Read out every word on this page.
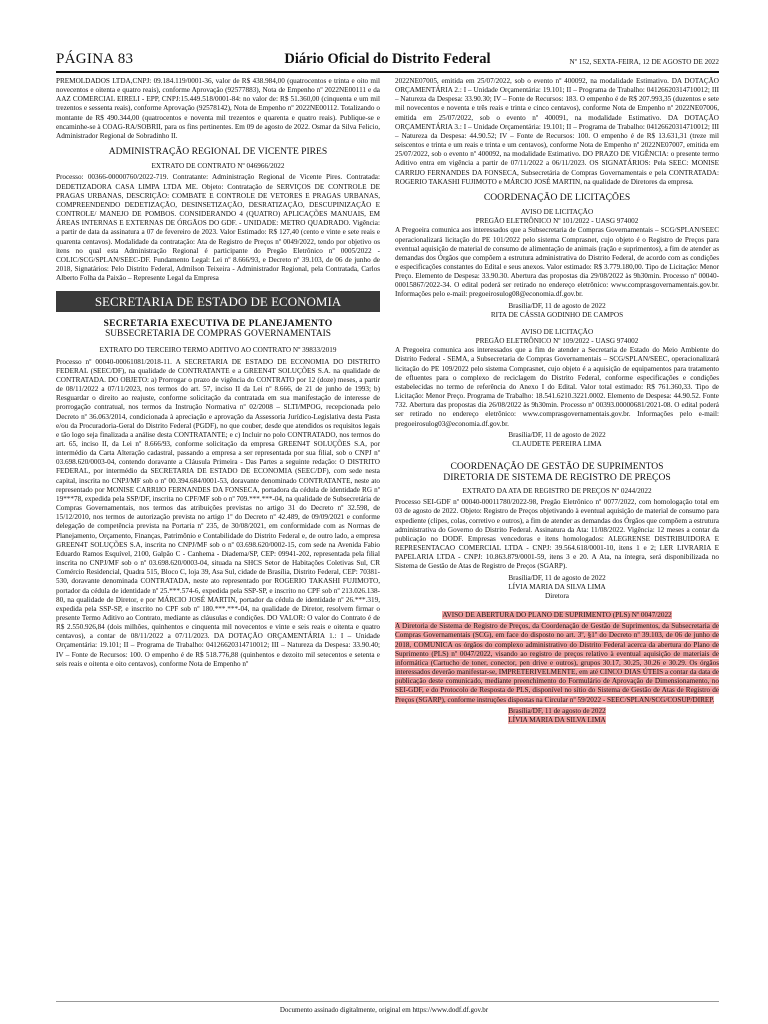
PÁGINA 83	Diário Oficial do Distrito Federal	Nº 152, SEXTA-FEIRA, 12 DE AGOSTO DE 2022

PREMOLDADOS LTDA,CNPJ: 09.184.119/0001-36, valor de R$ 438.984,00 (quatrocentos e trinta e oito mil novecentos e oitenta e quatro reais), conforme Aprovação (92577883), Nota de Empenho nº 2022NE00111 e da AAZ COMERCIAL EIRELI - EPP, CNPJ:15.449.518/0001-84: no valor de: R$ 51.360,00 (cinquenta e um mil trezentos e sessenta reais), conforme Aprovação (92578142), Nota de Empenho nº 2022NE00112. Totalizando o montante de R$ 490.344,00 (quatrocentos e noventa mil trezentos e quarenta e quatro reais). Publique-se e encaminhe-se à COAG-RA/SOBRII, para os fins pertinentes. Em 09 de agosto de 2022. Osmar da Silva Felicio, Administrador Regional de Sobradinho II.

ADMINISTRAÇÃO REGIONAL DE VICENTE PIRES
EXTRATO DE CONTRATO Nº 046966/2022

Processo: 00366-00000760/2022-719. Contratante: Administração Regional de Vicente Pires. Contratada: DEDETIZADORA CASA LIMPA LTDA ME. Objeto: Contratação de SERVIÇOS DE CONTROLE DE PRAGAS URBANAS, DESCRIÇÃO: COMBATE E CONTROLE DE VETORES E PRAGAS URBANAS, COMPREENDENDO DEDETIZAÇÃO, DESINSETIZAÇÃO, DESRATIZAÇÃO, DESCUPINIZAÇÃO E CONTROLE/ MANEJO DE POMBOS. CONSIDERANDO 4 (QUATRO) APLICAÇÕES MANUAIS, EM ÁREAS INTERNAS E EXTERNAS DE ÓRGÃOS DO GDF. - UNIDADE: METRO QUADRADO. Vigência: a partir de data da assinatura a 07 de fevereiro de 2023. Valor Estimado: R$ 127,40 (cento e vinte e sete reais e quarenta centavos). Modalidade da contratação: Ata de Registro de Preços nº 0049/2022, tendo por objetivo os itens no qual esta Administração Regional é participante do Pregão Eletrônico nº 0005/2022 - COLIC/SCG/SPLAN/SEEC-DF. Fundamento Legal: Lei nº 8.666/93, e Decreto nº 39.103, de 06 de junho de 2018, Signatários: Pelo Distrito Federal, Admilson Teixeira - Administrador Regional, pela Contratada, Carlos Alberto Folha da Paixão – Represente Legal da Empresa

SECRETARIA DE ESTADO DE ECONOMIA
SECRETARIA EXECUTIVA DE PLANEJAMENTO
SUBSECRETARIA DE COMPRAS GOVERNAMENTAIS
EXTRATO DO TERCEIRO TERMO ADITIVO AO CONTRATO Nº 39833/2019

Processo nº 00040-00061081/2018-11. A SECRETARIA DE ESTADO DE ECONOMIA DO DISTRITO FEDERAL (SEEC/DF), na qualidade de CONTRATANTE e a GREEN4T SOLUÇÕES S.A. na qualidade de CONTRATADA. DO OBJETO: a) Prorrogar o prazo de vigência do CONTRATO por 12 (doze) meses, a partir de 08/11/2022 a 07/11/2023, nos termos do art. 57, inciso II da Lei nº 8.666, de 21 de junho de 1993; b) Resguardar o direito ao reajuste, conforme solicitação da contratada em sua manifestação de interesse de prorrogação contratual, nos termos da Instrução Normativa nº 02/2008 – SLTI/MPOG, recepcionada pelo Decreto nº 36.063/2014, condicionada à apreciação e aprovação da Assessoria Jurídico-Legislativa desta Pasta e/ou da Procuradoria-Geral do Distrito Federal (PGDF), no que couber, desde que atendidos os requisitos legais e tão logo seja finalizada a análise desta CONTRATANTE; e c) Incluir no polo CONTRATADO, nos termos do art. 65, inciso II, da Lei nº 8.666/93, conforme solicitação da empresa GREEN4T SOLUÇÕES S.A, por intermédio da Carta Alteração cadastral, passando a empresa a ser representada por sua filial, sob o CNPJ nº 03.698.620/0003-04, contendo doravante a Cláusula Primeira - Das Partes a seguinte redação: O DISTRITO FEDERAL, por intermédio da SECRETARIA DE ESTADO DE ECONOMIA (SEEC/DF), com sede nesta capital, inscrita no CNPJ/MF sob o nº 00.394.684/0001-53, doravante denominado CONTRATANTE, neste ato representado por MONISE CARRIJO FERNANDES DA FONSECA, portadora da cédula de identidade RG nº 19***78, expedida pela SSP/DF, inscrita no CPF/MF sob o nº 709.***.***-04, na qualidade de Subsecretária de Compras Governamentais, nos termos das atribuições previstas no artigo 31 do Decreto nº 32.598, de 15/12/2010, nos termos de autorização prevista no artigo 1º do Decreto nº 42.489, de 09/09/2021 e conforme delegação de competência prevista na Portaria nº 235, de 30/08/2021, em conformidade com as Normas de Planejamento, Orçamento, Finanças, Patrimônio e Contabilidade do Distrito Federal e, de outro lado, a empresa GREEN4T SOLUÇÕES S.A, inscrita no CNPJ/MF sob o nº 03.698.620/0002-15, com sede na Avenida Fabio Eduardo Ramos Esquível, 2100, Galpão C - Canhema - Diadema/SP, CEP: 09941-202, representada pela filial inscrita no CNPJ/MF sob o nº 03.698.620/0003-04, situada na SHCS Setor de Habitações Coletivas Sul, CR Comércio Residencial, Quadra 515, Bloco C, loja 39, Asa Sul, cidade de Brasília, Distrito Federal, CEP: 70381-530, doravante denominada CONTRATADA, neste ato representado por ROGERIO TAKASHI FUJIMOTO, portador da cédula de identidade nº 25.***.574-6, expedida pela SSP-SP, e inscrito no CPF sob nº 213.026.138-80, na qualidade de Diretor, e por MÁRCIO JOSÉ MARTIN, portador da cédula de identidade nº 26.***.319, expedida pela SSP-SP, e inscrito no CPF sob nº 180.***.***-04, na qualidade de Diretor, resolvem firmar o presente Termo Aditivo ao Contrato, mediante as cláusulas e condições. DO VALOR: O valor do Contrato é de R$ 2.550.926,84 (dois milhões, quinhentos e cinquenta mil novecentos e vinte e seis reais e oitenta e quatro centavos), a contar de 08/11/2022 a 07/11/2023. DA DOTAÇÃO ORÇAMENTÁRIA 1.: I – Unidade Orçamentária: 19.101; II – Programa de Trabalho: 04126620314710012; III – Natureza da Despesa: 33.90.40; IV – Fonte de Recursos: 100. O empenho é de R$ 518.776,88 (quinhentos e dezoito mil setecentos e setenta e seis reais e oitenta e oito centavos), conforme Nota de Empenho nº

2022NE07005, emitida em 25/07/2022, sob o evento nº 400092, na modalidade Estimativo. DA DOTAÇÃO ORÇAMENTÁRIA 2.: I – Unidade Orçamentária: 19.101; II – Programa de Trabalho: 04126620314710012; III – Natureza da Despesa: 33.90.30; IV – Fonte de Recursos: 183. O empenho é de R$ 207.993,35 (duzentos e sete mil novecentos e noventa e três reais e trinta e cinco centavos), conforme Nota de Empenho nº 2022NE07006, emitida em 25/07/2022, sob o evento nº 400091, na modalidade Estimativo. DA DOTAÇÃO ORÇAMENTÁRIA 3.: I – Unidade Orçamentária: 19.101; II – Programa de Trabalho: 04126620314710012; III – Natureza da Despesa: 44.90.52; IV – Fonte de Recursos: 100. O empenho é de R$ 13.631,31 (treze mil seiscentos e trinta e um reais e trinta e um centavos), conforme Nota de Empenho nº 2022NE07007, emitida em 25/07/2022, sob o evento nº 400092, na modalidade Estimativo. DO PRAZO DE VIGÊNCIA: o presente termo Aditivo entra em vigência a partir de 07/11/2022 a 06/11/2023. OS SIGNATÁRIOS: Pela SEEC: MONISE CARRIJO FERNANDES DA FONSECA, Subsecretária de Compras Governamentais e pela CONTRATADA: ROGERIO TAKASHI FUJIMOTO e MÁRCIO JOSÉ MARTIN, na qualidade de Diretores da empresa.

COORDENAÇÃO DE LICITAÇÕES
AVISO DE LICITAÇÃO
PREGÃO ELETRÔNICO Nº 101/2022 - UASG 974002

A Pregoeira comunica aos interessados que a Subsecretaria de Compras Governamentais – SCG/SPLAN/SEEC operacionalizará licitação do PE 101/2022 pelo sistema Comprasnet, cujo objeto é o Registro de Preços para eventual aquisição de material de consumo de alimentação de animais (ração e suprimentos), a fim de atender as demandas dos Órgãos que compõem a estrutura administrativa do Distrito Federal, de acordo com as condições e especificações constantes do Edital e seus anexos. Valor estimado: R$ 3.779.180,00. Tipo de Licitação: Menor Preço. Elemento de Despesa: 33.90.30. Abertura das propostas dia 29/08/2022 às 9h30min. Processo nº 00040-00015867/2022-34. O edital poderá ser retirado no endereço eletrônico: www.comprasgovernamentais.gov.br. Informações pelo e-mail: pregoeirosulog08@economia.df.gov.br.

Brasília/DF, 11 de agosto de 2022
RITA DE CÁSSIA GODINHO DE CAMPOS
AVISO DE LICITAÇÃO
PREGÃO ELETRÔNICO Nº 109/2022 - UASG 974002

A Pregoeira comunica aos interessados que a fim de atender a Secretaria de Estado do Meio Ambiente do Distrito Federal - SEMA, a Subsecretaria de Compras Governamentais – SCG/SPLAN/SEEC, operacionalizará licitação do PE 109/2022 pelo sistema Comprasnet, cujo objeto é a aquisição de equipamentos para tratamento de efluentes para o complexo de reciclagem do Distrito Federal, conforme especificações e condições estabelecidas no termo de referência do Anexo I do Edital. Valor total estimado: R$ 761.360,33. Tipo de Licitação: Menor Preço. Programa de Trabalho: 18.541.6210.3221.0002. Elemento de Despesa: 44.90.52. Fonte 732. Abertura das propostas dia 26/08/2022 às 9h30min. Processo nº 00393.00000681/2021-08. O edital poderá ser retirado no endereço eletrônico: www.comprasgovernamentais.gov.br. Informações pelo e-mail: pregoeirosulog03@economia.df.gov.br.

Brasília/DF, 11 de agosto de 2022
CLAUDETE PEREIRA LIMA
COORDENAÇÃO DE GESTÃO DE SUPRIMENTOS
DIRETORIA DE SISTEMA DE REGISTRO DE PREÇOS
EXTRATO DA ATA DE REGISTRO DE PREÇOS Nº 0244/2022

Processo SEI-GDF nº 00040-00011780/2022-98, Pregão Eletrônico nº 0077/2022, com homologação total em 03 de agosto de 2022. Objeto: Registro de Preços objetivando à eventual aquisição de material de consumo para expediente (clipes, colas, corretivo e outros), a fim de atender as demandas dos Órgãos que compõem a estrutura administrativa do Governo do Distrito Federal. Assinatura da Ata: 11/08/2022. Vigência: 12 meses a contar da publicação no DODF. Empresas vencedoras e itens homologados: ALEGRENSE DISTRIBUIDORA E REPRESENTACAO COMERCIAL LTDA - CNPJ: 39.564.618/0001-10, itens 1 e 2; LER LIVRARIA E PAPELARIA LTDA - CNPJ: 10.863.879/0001-59, itens 3 e 20. A Ata, na íntegra, será disponibilizada no Sistema de Gestão de Atas de Registro de Preços (SGARP).

Brasília/DF, 11 de agosto de 2022
LÍVIA MARIA DA SILVA LIMA
Diretora
AVISO DE ABERTURA DO PLANO DE SUPRIMENTO (PLS) Nº 0047/2022

A Diretoria de Sistema de Registro de Preços, da Coordenação de Gestão de Suprimentos, da Subsecretaria de Compras Governamentais (SCG), em face do disposto no art. 3º, §1º do Decreto nº 39.103, de 06 de junho de 2018, COMUNICA os órgãos do complexo administrativo do Distrito Federal acerca da abertura do Plano de Suprimento (PLS) nº 0047/2022, visando ao registro de preços relativo à eventual aquisição de materiais de informática (Cartucho de toner, conector, pen drive e outros), grupos 30.17, 30.25, 30.26 e 30.29. Os órgãos interessados deverão manifestar-se, IMPRETERIVELMENTE, em até CINCO DIAS ÚTEIS a contar da data de publicação deste comunicado, mediante preenchimento do Formulário de Aprovação de Dimensionamento, no SEI-GDF, e do Protocolo de Resposta de PLS, disponível no sítio do Sistema de Gestão de Atas de Registro de Preços (SGARP), conforme instruções dispostas na Circular nº 59/2022 - SEEC/SPLAN/SCG/COSUP/DIREP.

Brasília/DF, 11 de agosto de 2022
LÍVIA MARIA DA SILVA LIMA
Documento assinado digitalmente, original em https://www.dodf.df.gov.br
